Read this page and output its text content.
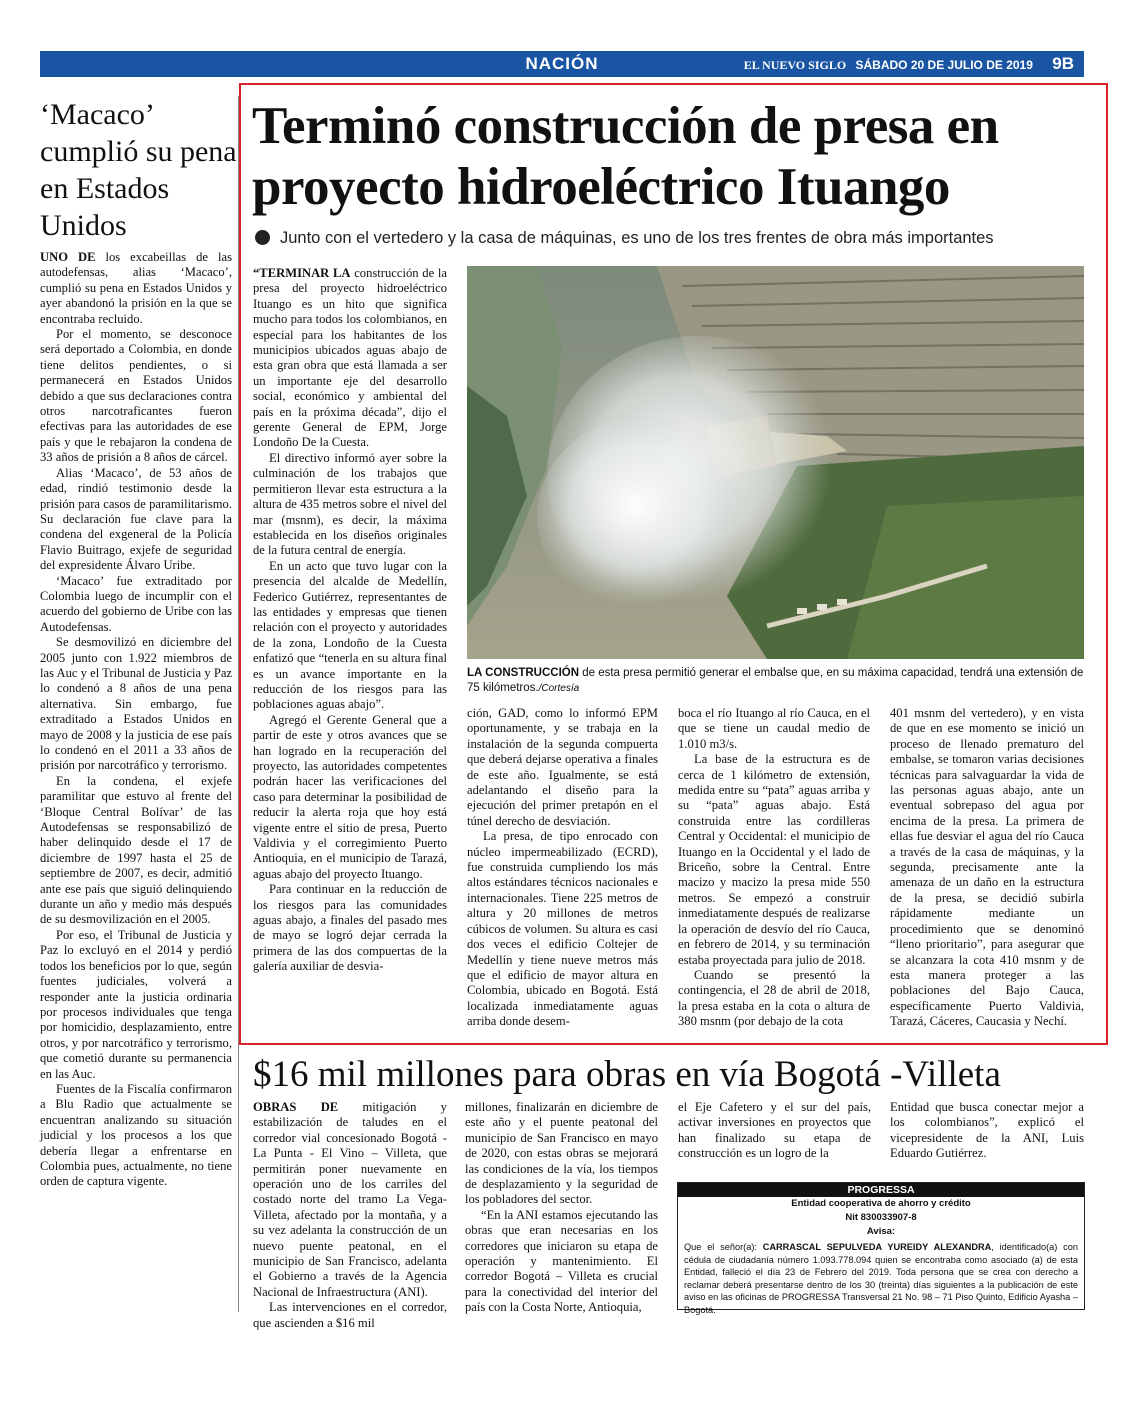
NACIÓN	EL NUEVO SIGLO SÁBADO 20 DE JULIO DE 2019 9B
‘Macaco’ cumplió su pena en Estados Unidos

UNO DE los excabeillas de las autodefensas, alias ‘Macaco’, cumplió su pena en Estados Unidos y ayer abandonó la prisión en la que se encontraba recluido.

Por el momento, se desconoce será deportado a Colombia, en donde tiene delitos pendientes, o si permanecerá en Estados Unidos debido a que sus declaraciones contra otros narcotraficantes fueron efectivas para las autoridades de ese país y que le rebajaron la condena de 33 años de prisión a 8 años de cárcel.

Alias ‘Macaco’, de 53 años de edad, rindió testimonio desde la prisión para casos de paramilitarismo. Su declaración fue clave para la condena del exgeneral de la Policía Flavio Buitrago, exjefe de seguridad del expresidente Álvaro Uribe.

‘Macaco’ fue extraditado por Colombia luego de incumplir con el acuerdo del gobierno de Uribe con las Autodefensas.

Se desmovilizó en diciembre del 2005 junto con 1.922 miembros de las Auc y el Tribunal de Justicia y Paz lo condenó a 8 años de una pena alternativa. Sin embargo, fue extraditado a Estados Unidos en mayo de 2008 y la justicia de ese país lo condenó en el 2011 a 33 años de prisión por narcotráfico y terrorismo.

En la condena, el exjefe paramilitar que estuvo al frente del ‘Bloque Central Bolívar’ de las Autodefensas se responsabilizó de haber delinquido desde el 17 de diciembre de 1997 hasta el 25 de septiembre de 2007, es decir, admitió ante ese país que siguió delinquiendo durante un año y medio más después de su desmovilización en el 2005.

Por eso, el Tribunal de Justicia y Paz lo excluyó en el 2014 y perdió todos los beneficios por lo que, según fuentes judiciales, volverá a responder ante la justicia ordinaria por procesos individuales que tenga por homicidio, desplazamiento, entre otros, y por narcotráfico y terrorismo, que cometió durante su permanencia en las Auc.

Fuentes de la Fiscalía confirmaron a Blu Radio que actualmente se encuentran analizando su situación judicial y los procesos a los que debería llegar a enfrentarse en Colombia pues, actualmente, no tiene orden de captura vigente.

Terminó construcción de presa en proyecto hidroeléctrico Ituango
Junto con el vertedero y la casa de máquinas, es uno de los tres frentes de obra más importantes

“TERMINAR LA construcción de la presa del proyecto hidroeléctrico Ituango es un hito que significa mucho para todos los colombianos, en especial para los habitantes de los municipios ubicados aguas abajo de esta gran obra que está llamada a ser un importante eje del desarrollo social, económico y ambiental del país en la próxima década”, dijo el gerente General de EPM, Jorge Londoño De la Cuesta.

El directivo informó ayer sobre la culminación de los trabajos que permitieron llevar esta estructura a la altura de 435 metros sobre el nivel del mar (msnm), es decir, la máxima establecida en los diseños originales de la futura central de energía.

En un acto que tuvo lugar con la presencia del alcalde de Medellín, Federico Gutiérrez, representantes de las entidades y empresas que tienen relación con el proyecto y autoridades de la zona, Londoño de la Cuesta enfatizó que “tenerla en su altura final es un avance importante en la reducción de los riesgos para las poblaciones aguas abajo”.

Agregó el Gerente General que a partir de este y otros avances que se han logrado en la recuperación del proyecto, las autoridades competentes podrán hacer las verificaciones del caso para determinar la posibilidad de reducir la alerta roja que hoy está vigente entre el sitio de presa, Puerto Valdivia y el corregimiento Puerto Antioquia, en el municipio de Tarazá, aguas abajo del proyecto Ituango.

Para continuar en la reducción de los riesgos para las comunidades aguas abajo, a finales del pasado mes de mayo se logró dejar cerrada la primera de las dos compuertas de la galería auxiliar de desvia-

LA CONSTRUCCIÓN de esta presa permitió generar el embalse que, en su máxima capacidad, tendrá una extensión de 75 kilómetros./Cortesía

ción, GAD, como lo informó EPM oportunamente, y se trabaja en la instalación de la segunda compuerta que deberá dejarse operativa a finales de este año. Igualmente, se está adelantando el diseño para la ejecución del primer pretapón en el túnel derecho de desviación.

La presa, de tipo enrocado con núcleo impermeabilizado (ECRD), fue construida cumpliendo los más altos estándares técnicos nacionales e internacionales. Tiene 225 metros de altura y 20 millones de metros cúbicos de volumen. Su altura es casi dos veces el edificio Coltejer de Medellín y tiene nueve metros más que el edificio de mayor altura en Colombia, ubicado en Bogotá. Está localizada inmediatamente aguas arriba donde desem-

boca el río Ituango al río Cauca, en el que se tiene un caudal medio de 1.010 m3/s.

La base de la estructura es de cerca de 1 kilómetro de extensión, medida entre su “pata” aguas arriba y su “pata” aguas abajo. Está construida entre las cordilleras Central y Occidental: el municipio de Ituango en la Occidental y el lado de Briceño, sobre la Central. Entre macizo y macizo la presa mide 550 metros. Se empezó a construir inmediatamente después de realizarse la operación de desvío del río Cauca, en febrero de 2014, y su terminación estaba proyectada para julio de 2018.

Cuando se presentó la contingencia, el 28 de abril de 2018, la presa estaba en la cota o altura de 380 msnm (por debajo de la cota

401 msnm del vertedero), y en vista de que en ese momento se inició un proceso de llenado prematuro del embalse, se tomaron varias decisiones técnicas para salvaguardar la vida de las personas aguas abajo, ante un eventual sobrepaso del agua por encima de la presa. La primera de ellas fue desviar el agua del río Cauca a través de la casa de máquinas, y la segunda, precisamente ante la amenaza de un daño en la estructura de la presa, se decidió subirla rápidamente mediante un procedimiento que se denominó “lleno prioritario”, para asegurar que se alcanzara la cota 410 msnm y de esta manera proteger a las poblaciones del Bajo Cauca, específicamente Puerto Valdivia, Tarazá, Cáceres, Caucasia y Nechí.

$16 mil millones para obras en vía Bogotá -Villeta

OBRAS DE mitigación y estabilización de taludes en el corredor vial concesionado Bogotá - La Punta - El Vino – Villeta, que permitirán poner nuevamente en operación uno de los carriles del costado norte del tramo La Vega-Villeta, afectado por la montaña, y a su vez adelanta la construcción de un nuevo puente peatonal, en el municipio de San Francisco, adelanta el Gobierno a través de la Agencia Nacional de Infraestructura (ANI).

Las intervenciones en el corredor, que ascienden a $16 mil

millones, finalizarán en diciembre de este año y el puente peatonal del municipio de San Francisco en mayo de 2020, con estas obras se mejorará las condiciones de la vía, los tiempos de desplazamiento y la seguridad de los pobladores del sector.

“En la ANI estamos ejecutando las obras que eran necesarias en los corredores que iniciaron su etapa de operación y mantenimiento. El corredor Bogotá – Villeta es crucial para la conectividad del interior del país con la Costa Norte, Antioquia,

el Eje Cafetero y el sur del país, activar inversiones en proyectos que han finalizado su etapa de construcción es un logro de la

Entidad que busca conectar mejor a los colombianos”, explicó el vicepresidente de la ANI, Luis Eduardo Gutiérrez.

PROGRESSA
Entidad cooperativa de ahorro y crédito
Nit 830033907-8
Avisa:
Que el señor(a): CARRASCAL SEPULVEDA YUREIDY ALEXANDRA, identificado(a) con cédula de ciudadanía número 1.093.778.094 quien se encontraba como asociado (a) de esta Entidad, falleció el día 23 de Febrero del 2019. Toda persona que se crea con derecho a reclamar deberá presentarse dentro de los 30 (treinta) días siguientes a la publicación de este aviso en las oficinas de PROGRESSA Transversal 21 No. 98 – 71 Piso Quinto, Edificio Ayasha – Bogotá.
